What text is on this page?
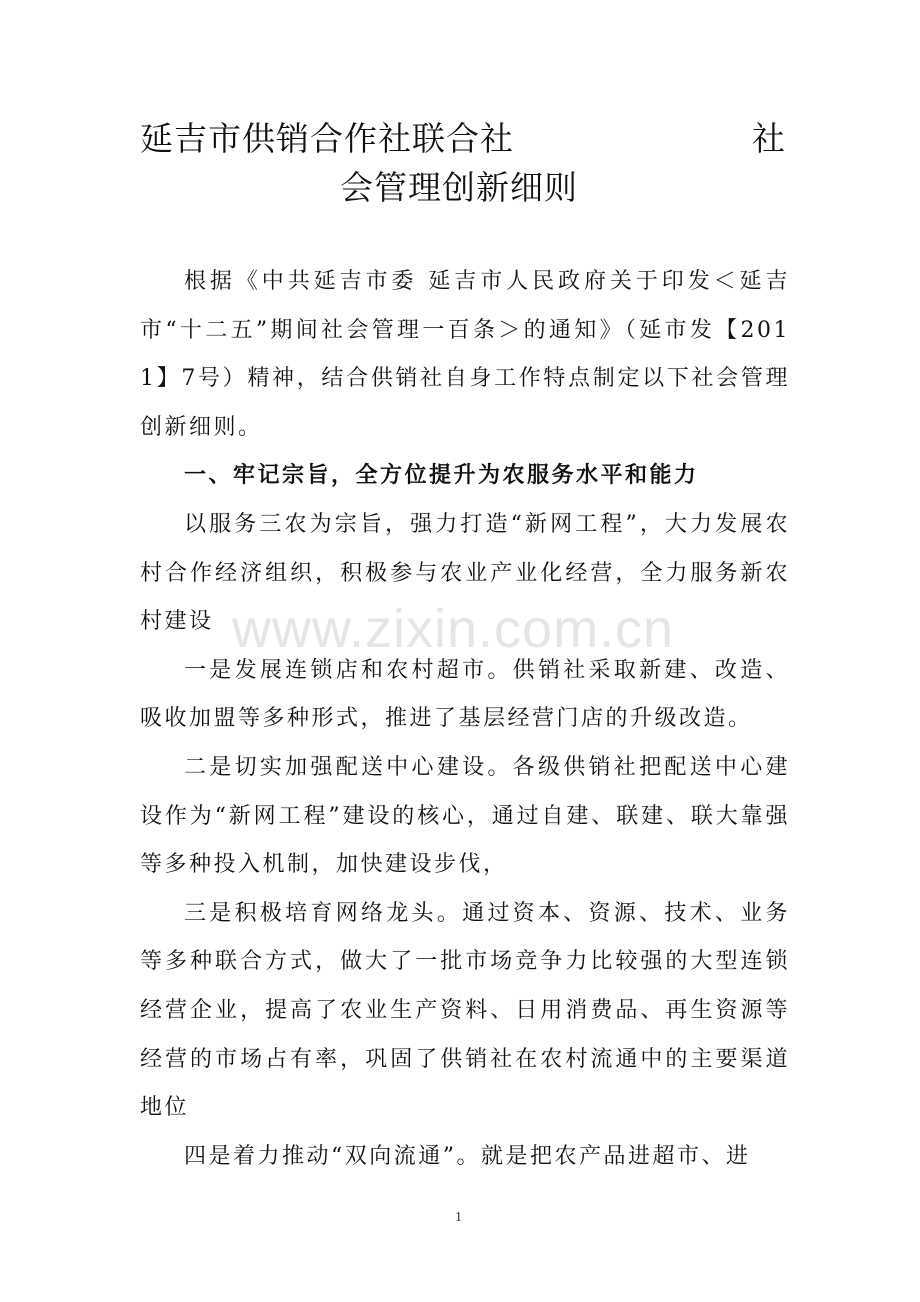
延吉市供销合作社联合社	社
会管理创新细则

根据《中共延吉市委 延吉市人民政府关于印发＜延吉市“十二五”期间社会管理一百条＞的通知》（延市发【2011】7号）精神，结合供销社自身工作特点制定以下社会管理创新细则。

一、牢记宗旨，全方位提升为农服务水平和能力

以服务三农为宗旨，强力打造“新网工程”，大力发展农村合作经济组织，积极参与农业产业化经营，全力服务新农村建设

一是发展连锁店和农村超市。供销社采取新建、改造、吸收加盟等多种形式，推进了基层经营门店的升级改造。

二是切实加强配送中心建设。各级供销社把配送中心建设作为“新网工程”建设的核心，通过自建、联建、联大靠强等多种投入机制，加快建设步伐，

三是积极培育网络龙头。通过资本、资源、技术、业务等多种联合方式，做大了一批市场竞争力比较强的大型连锁经营企业，提高了农业生产资料、日用消费品、再生资源等经营的市场占有率，巩固了供销社在农村流通中的主要渠道地位

四是着力推动“双向流通”。就是把农产品进超市、进

www.zixin.com.cn
1
